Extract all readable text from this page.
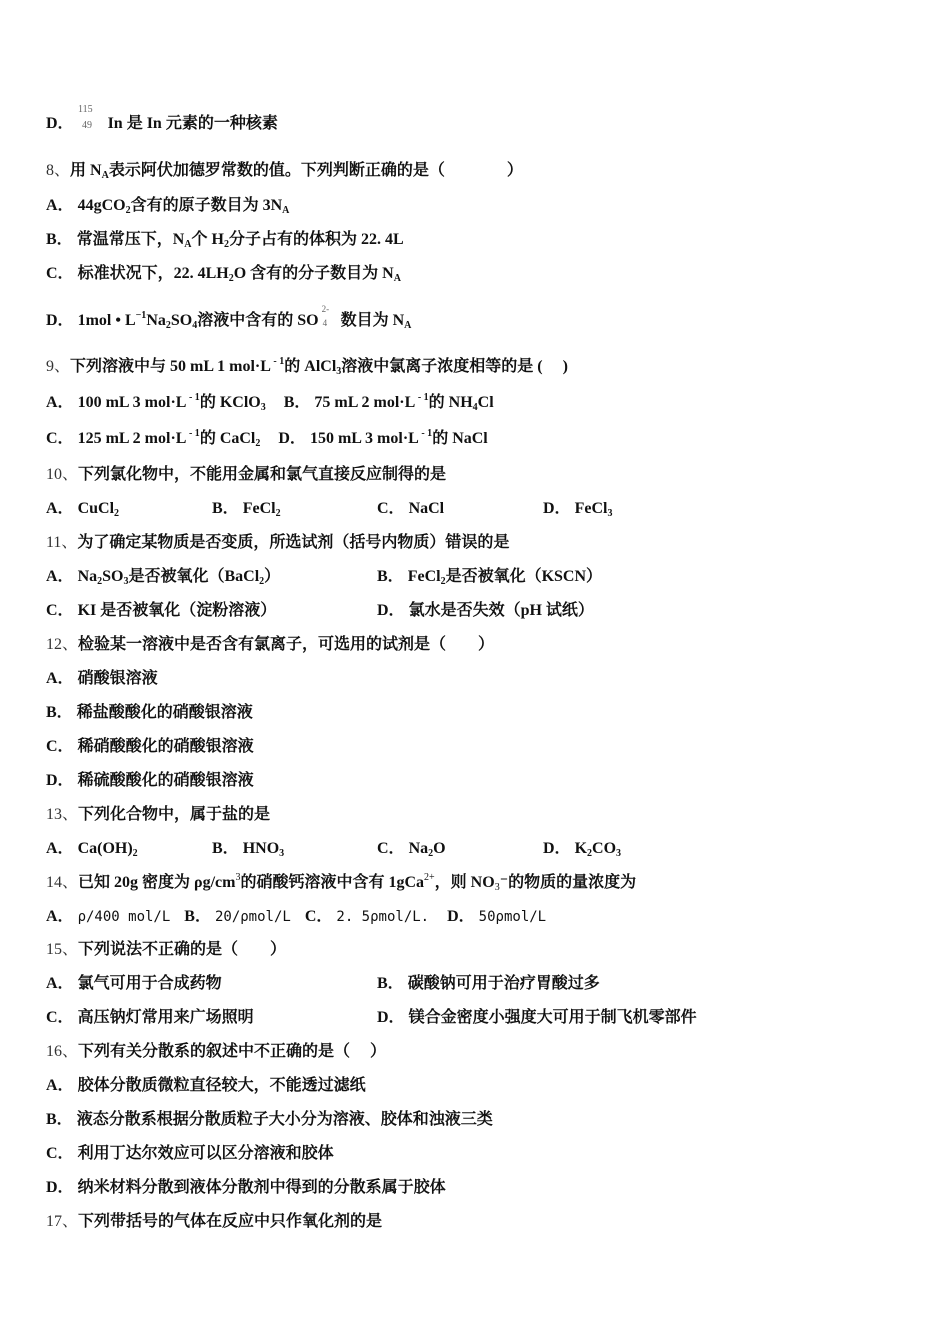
D．
115
49 In 是 In 元素的一种核素
8、用 $N_A$表示阿伏加德罗常数的值。下列判断正确的是（	）
A． 44gCO$_2$含有的原子数目为 $3N_A$
B． 常温常压下，$N_A$个 $H_2$分子占有的体积为 22. 4L
C． 标准状况下，22. $4LH_2O$ 含有的分子数目为 $N_A$
D． 1mol • $L^{-1}Na_2SO_4$溶液中含有的 SO
2-
4 数目为 $N_A$
9、下列溶液中与 50 mL 1 mol·L $^{- 1}$的 AlCl$_3$溶液中氯离子浓度相等的是 (　 )
A． 100 mL 3 mol·L $^{- 1}$的 KClO$_3$ B． 75 mL 2 mol·L $^{- 1}$的 $NH_4Cl$
C． 125 mL 2 mol·L $^{- 1}$的 CaCl$_2$ D． 150 mL 3 mol·L $^{- 1}$的 NaCl
10、下列氯化物中，不能用金属和氯气直接反应制得的是
A． CuCl$_2$	B． FeCl$_2$	C． NaCl	D． FeCl$_3$
11、为了确定某物质是否变质，所选试剂（括号内物质）错误的是
A． $Na_2SO_3$是否被氧化（BaCl$_2$）	B． FeCl$_2$是否被氧化（KSCN）
C． KI 是否被氧化（淀粉溶液）	D． 氯水是否失效（pH 试纸）
12、检验某一溶液中是否含有氯离子，可选用的试剂是（　　）
A． 硝酸银溶液
B． 稀盐酸酸化的硝酸银溶液
C． 稀硝酸酸化的硝酸银溶液
D． 稀硫酸酸化的硝酸银溶液
13、下列化合物中，属于盐的是
A． $Ca(OH)_2$	B． $HNO_3$	C． $Na_2O$	D． $K_2CO_3$
14、已知 20g 密度为 $\rho g/cm^3$的硝酸钙溶液中含有 1gCa$^{2+}$，则 $NO_3^-$的物质的量浓度为
A． ρ/400 mol/L B． 20/ρmol/L C． 2. 5ρmol/L. D． 50ρmol/L
15、下列说法不正确的是（　　）
A． 氯气可用于合成药物	B． 碳酸钠可用于治疗胃酸过多
C． 高压钠灯常用来广场照明	D． 镁合金密度小强度大可用于制飞机零部件
16、下列有关分散系的叙述中不正确的是（　 ）
A． 胶体分散质微粒直径较大，不能透过滤纸
B． 液态分散系根据分散质粒子大小分为溶液、胶体和浊液三类
C． 利用丁达尔效应可以区分溶液和胶体
D． 纳米材料分散到液体分散剂中得到的分散系属于胶体
17、下列带括号的气体在反应中只作氧化剂的是
